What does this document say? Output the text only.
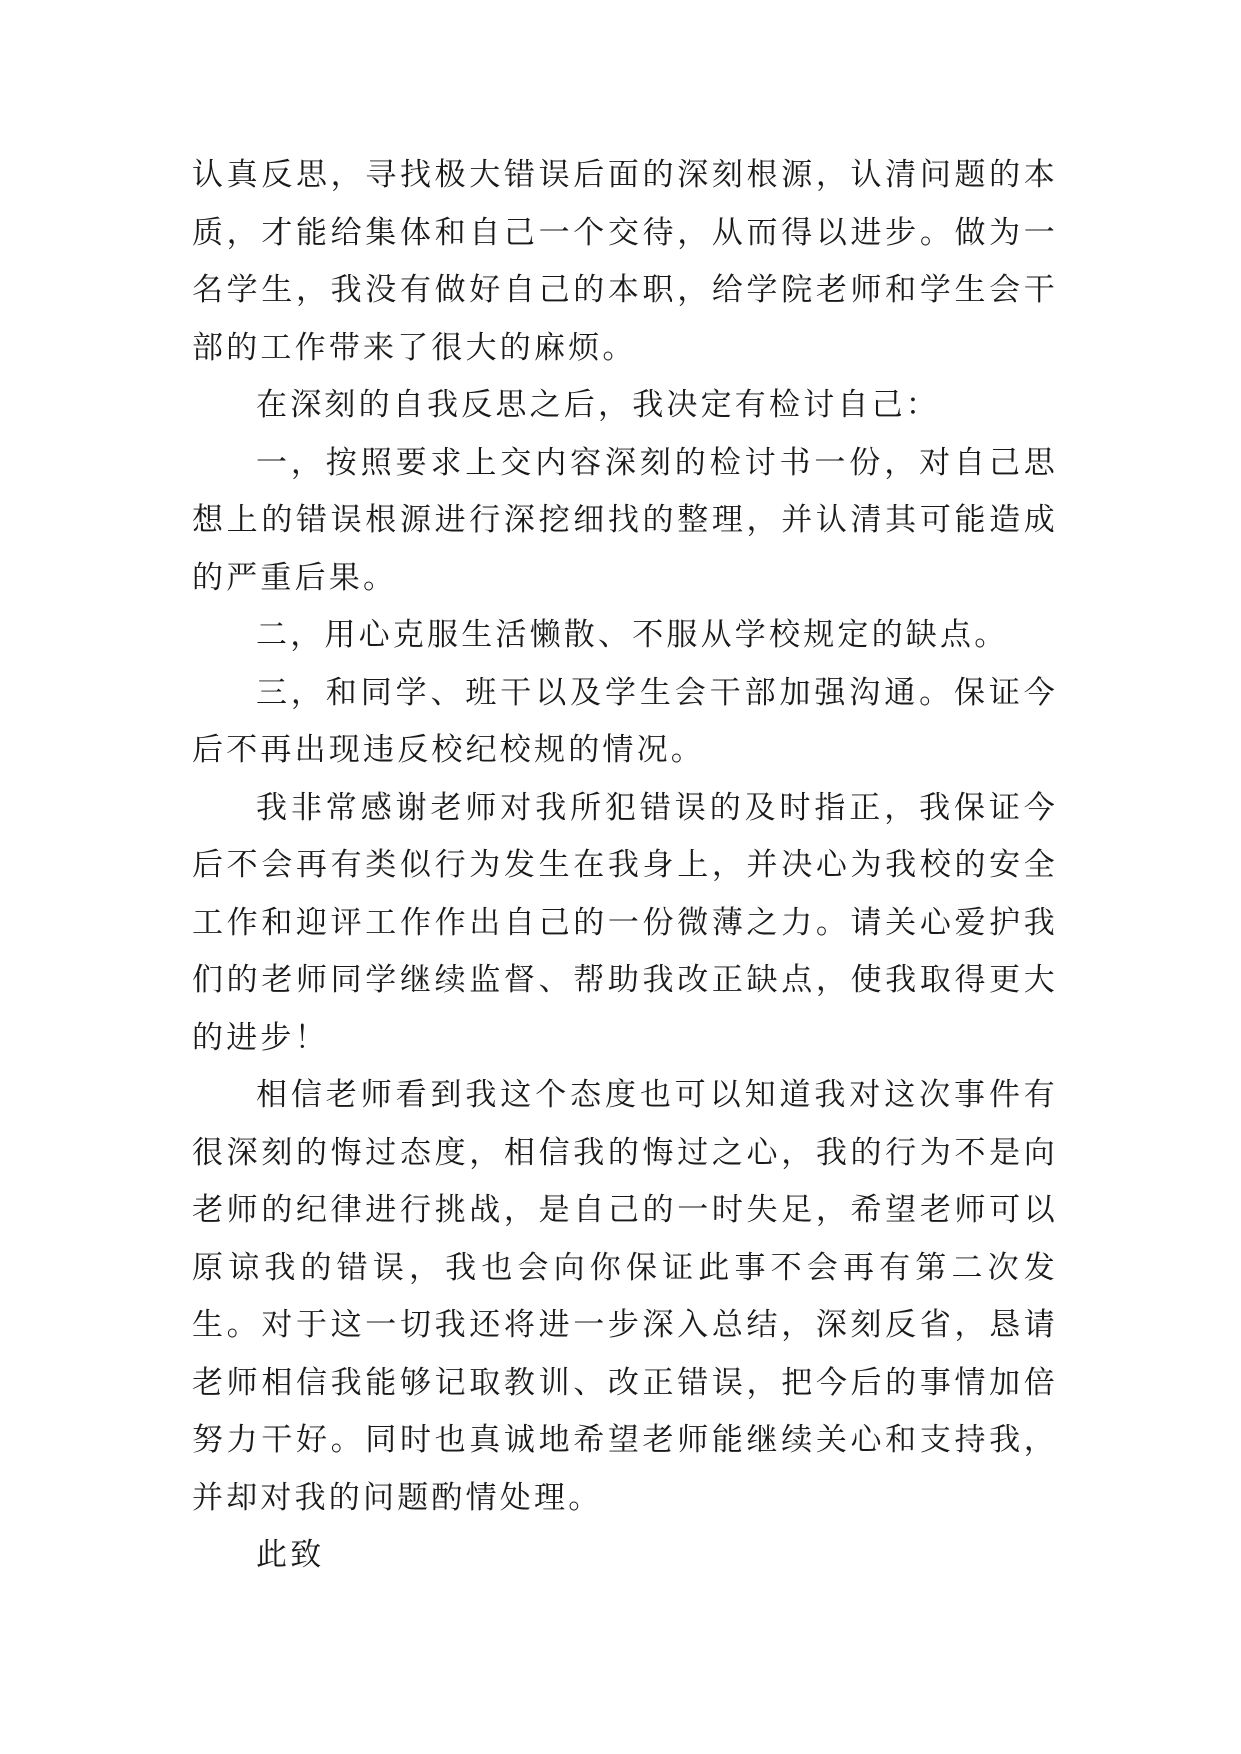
认真反思，寻找极大错误后面的深刻根源，认清问题的本质，才能给集体和自己一个交待，从而得以进步。做为一名学生，我没有做好自己的本职，给学院老师和学生会干部的工作带来了很大的麻烦。

在深刻的自我反思之后，我决定有检讨自己：

一，按照要求上交内容深刻的检讨书一份，对自己思想上的错误根源进行深挖细找的整理，并认清其可能造成的严重后果。

二，用心克服生活懒散、不服从学校规定的缺点。

三，和同学、班干以及学生会干部加强沟通。保证今后不再出现违反校纪校规的情况。

我非常感谢老师对我所犯错误的及时指正，我保证今后不会再有类似行为发生在我身上，并决心为我校的安全工作和迎评工作作出自己的一份微薄之力。请关心爱护我们的老师同学继续监督、帮助我改正缺点，使我取得更大的进步！

相信老师看到我这个态度也可以知道我对这次事件有很深刻的悔过态度，相信我的悔过之心，我的行为不是向老师的纪律进行挑战，是自己的一时失足，希望老师可以原谅我的错误，我也会向你保证此事不会再有第二次发生。对于这一切我还将进一步深入总结，深刻反省，恳请老师相信我能够记取教训、改正错误，把今后的事情加倍努力干好。同时也真诚地希望老师能继续关心和支持我，并却对我的问题酌情处理。

此致
